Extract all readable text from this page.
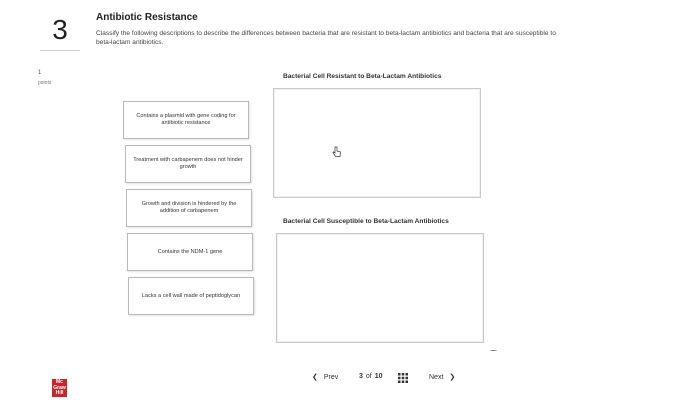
3
1
points
Antibiotic Resistance
Classify the following descriptions to describe the differences between bacteria that are resistant to beta-lactam antibiotics and bacteria that are susceptible to beta-lactam antibiotics.
Contains a plasmid with gene coding for antibiotic resistance
Treatment with carbapenem does not hinder growth
Growth and division is hindered by the addition of carbapenem
Contains the NDM-1 gene
Lacks a cell wall made of peptidoglycan
Bacterial Cell Resistant to Beta-Lactam Antibiotics
Bacterial Cell Susceptible to Beta-Lactam Antibiotics
.....
❮ Prev	3 of 10	Next ❯
Mc
Graw
Hill
